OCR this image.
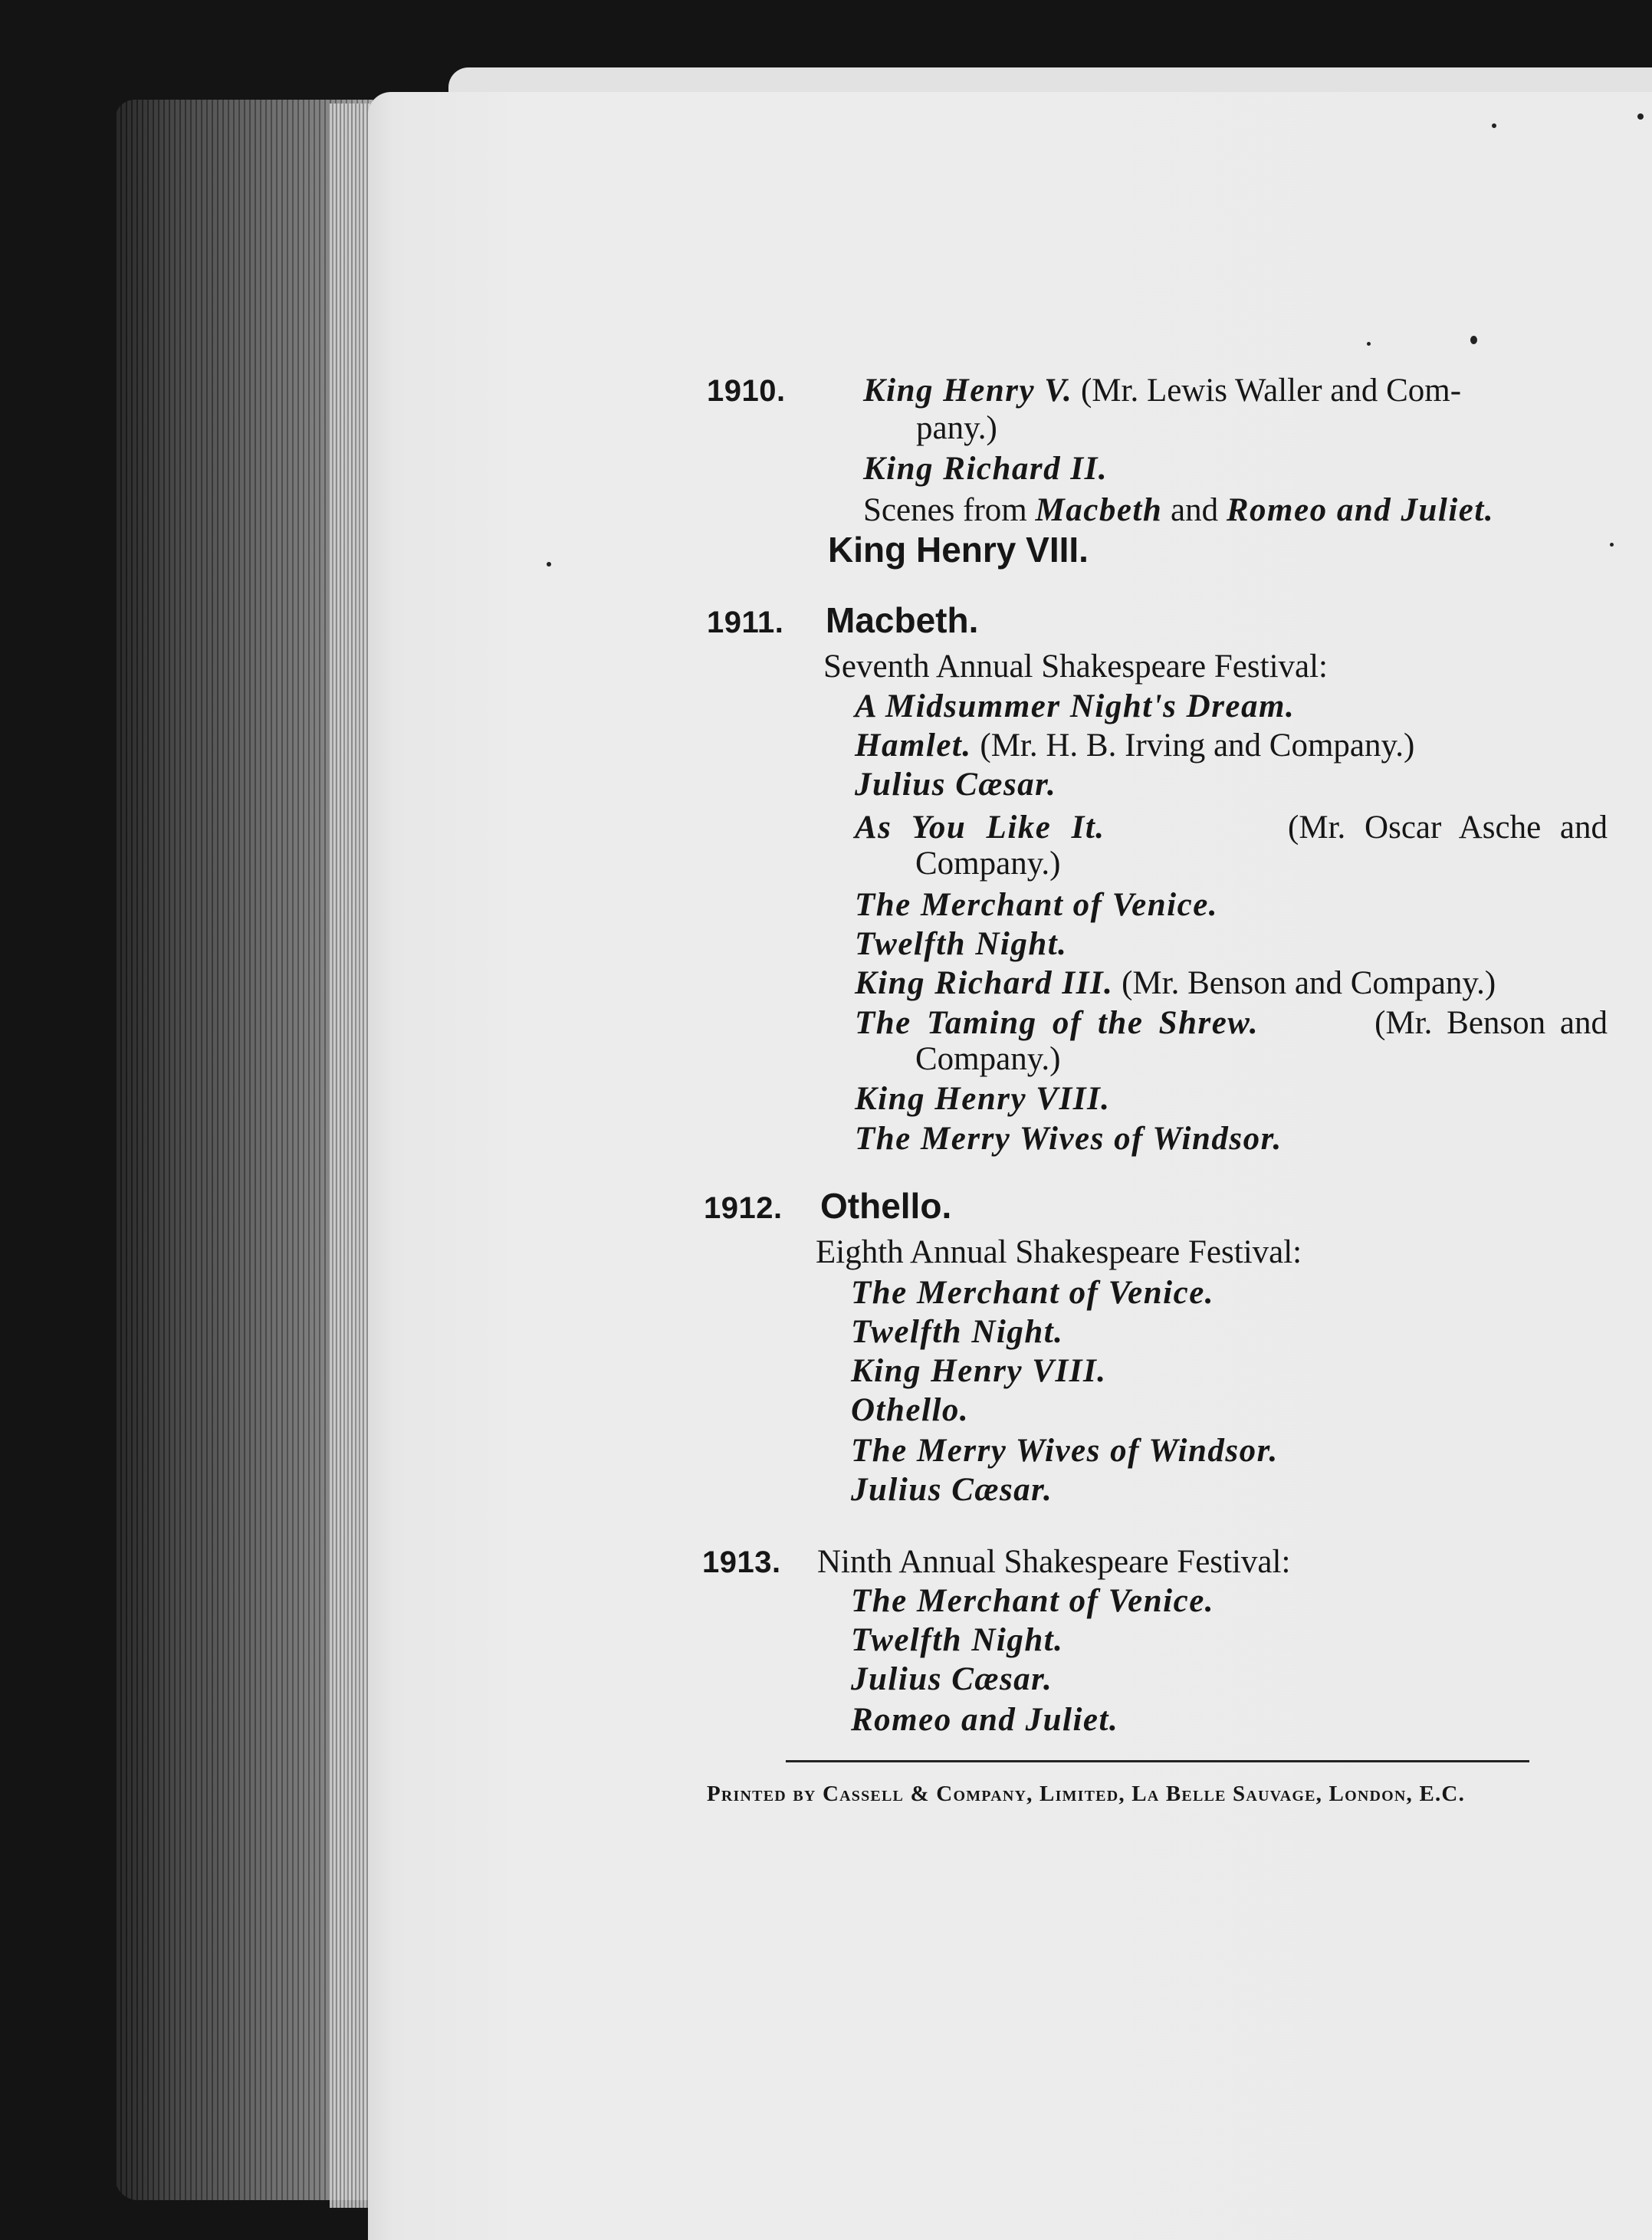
1910. King Henry V. (Mr. Lewis Waller and Com-
pany.)
King Richard II.
Scenes from Macbeth and Romeo and Juliet.
King Henry VIII.
1911. Macbeth.
Seventh Annual Shakespeare Festival:
A Midsummer Night's Dream.
Hamlet. (Mr. H. B. Irving and Company.)
Julius Cæsar.
As You Like It.	(Mr. Oscar Asche and
Company.)
The Merchant of Venice.
Twelfth Night.
King Richard III. (Mr. Benson and Company.)
The Taming of the Shrew.	(Mr. Benson and
Company.)
King Henry VIII.
The Merry Wives of Windsor.
1912. Othello.
Eighth Annual Shakespeare Festival:
The Merchant of Venice.
Twelfth Night.
King Henry VIII.
Othello.
The Merry Wives of Windsor.
Julius Cæsar.
1913. Ninth Annual Shakespeare Festival:
The Merchant of Venice.
Twelfth Night.
Julius Cæsar.
Romeo and Juliet.
Printed by Cassell & Company, Limited, La Belle Sauvage, London, E.C.
